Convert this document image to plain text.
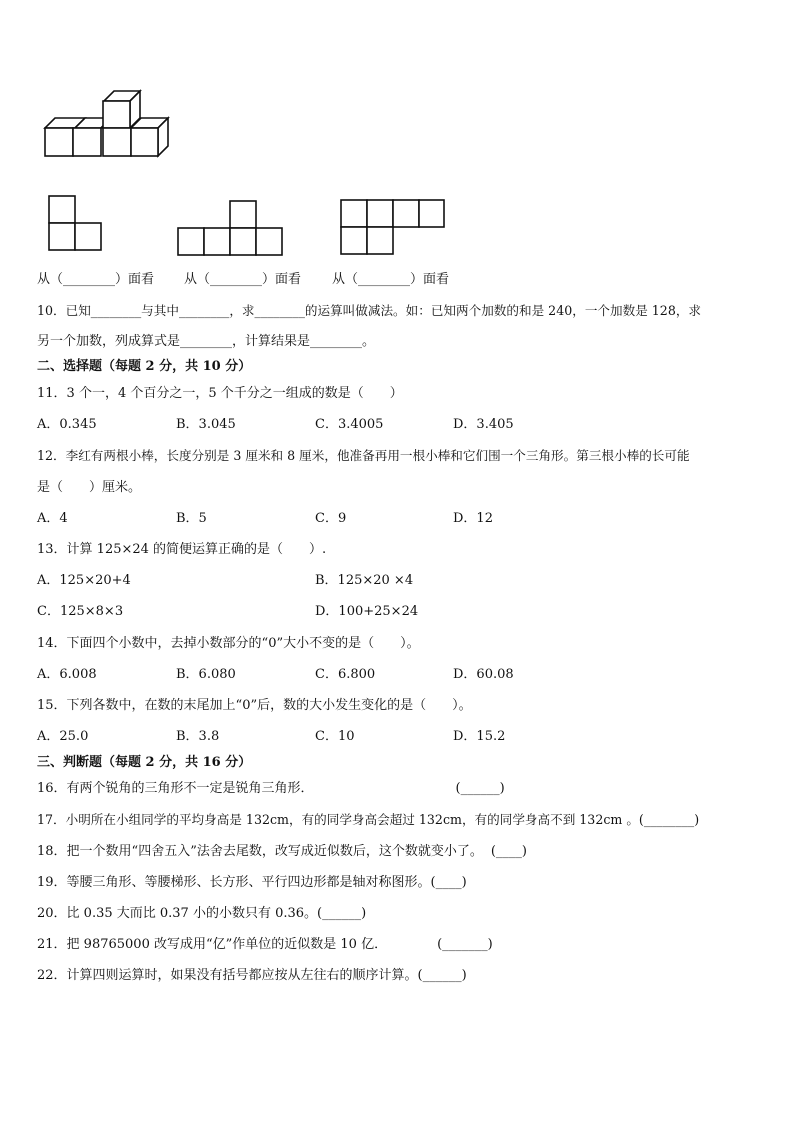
从（________）面看 从（________）面看 从（________）面看
10．已知________与其中________，求________的运算叫做减法。如：已知两个加数的和是 240，一个加数是 128，求
另一个加数，列成算式是________，计算结果是________。
二、选择题（每题 2 分，共 10 分）
11．3 个一，4 个百分之一，5 个千分之一组成的数是（　　）
A．0.345	B．3.045	C．3.4005	D．3.405
12．李红有两根小棒，长度分别是 3 厘米和 8 厘米，他准备再用一根小棒和它们围一个三角形。第三根小棒的长可能
是（　　）厘米。
A．4	B．5	C．9	D．12
13．计算 125×24 的简便运算正确的是（　　）.
A．125×20+4	B．125×20 ×4
C．125×8×3	D．100+25×24
14．下面四个小数中，去掉小数部分的“0”大小不变的是（　　）。
A．6.008	B．6.080	C．6.800	D．60.08
15．下列各数中，在数的末尾加上“0”后，数的大小发生变化的是（　　）。
A．25.0	B．3.8	C．10	D．15.2
三、判断题（每题 2 分，共 16 分）
16．有两个锐角的三角形不一定是锐角三角形．	(______)
17．小明所在小组同学的平均身高是 132cm，有的同学身高会超过 132cm，有的同学身高不到 132cm 。(________)
18．把一个数用“四舍五入”法舍去尾数，改写成近似数后，这个数就变小了。 (____)
19．等腰三角形、等腰梯形、长方形、平行四边形都是轴对称图形。(____)
20．比 0.35 大而比 0.37 小的小数只有 0.36。(______)
21．把 98765000 改写成用“亿”作单位的近似数是 10 亿．	(_______)
22．计算四则运算时，如果没有括号都应按从左往右的顺序计算。(______)
